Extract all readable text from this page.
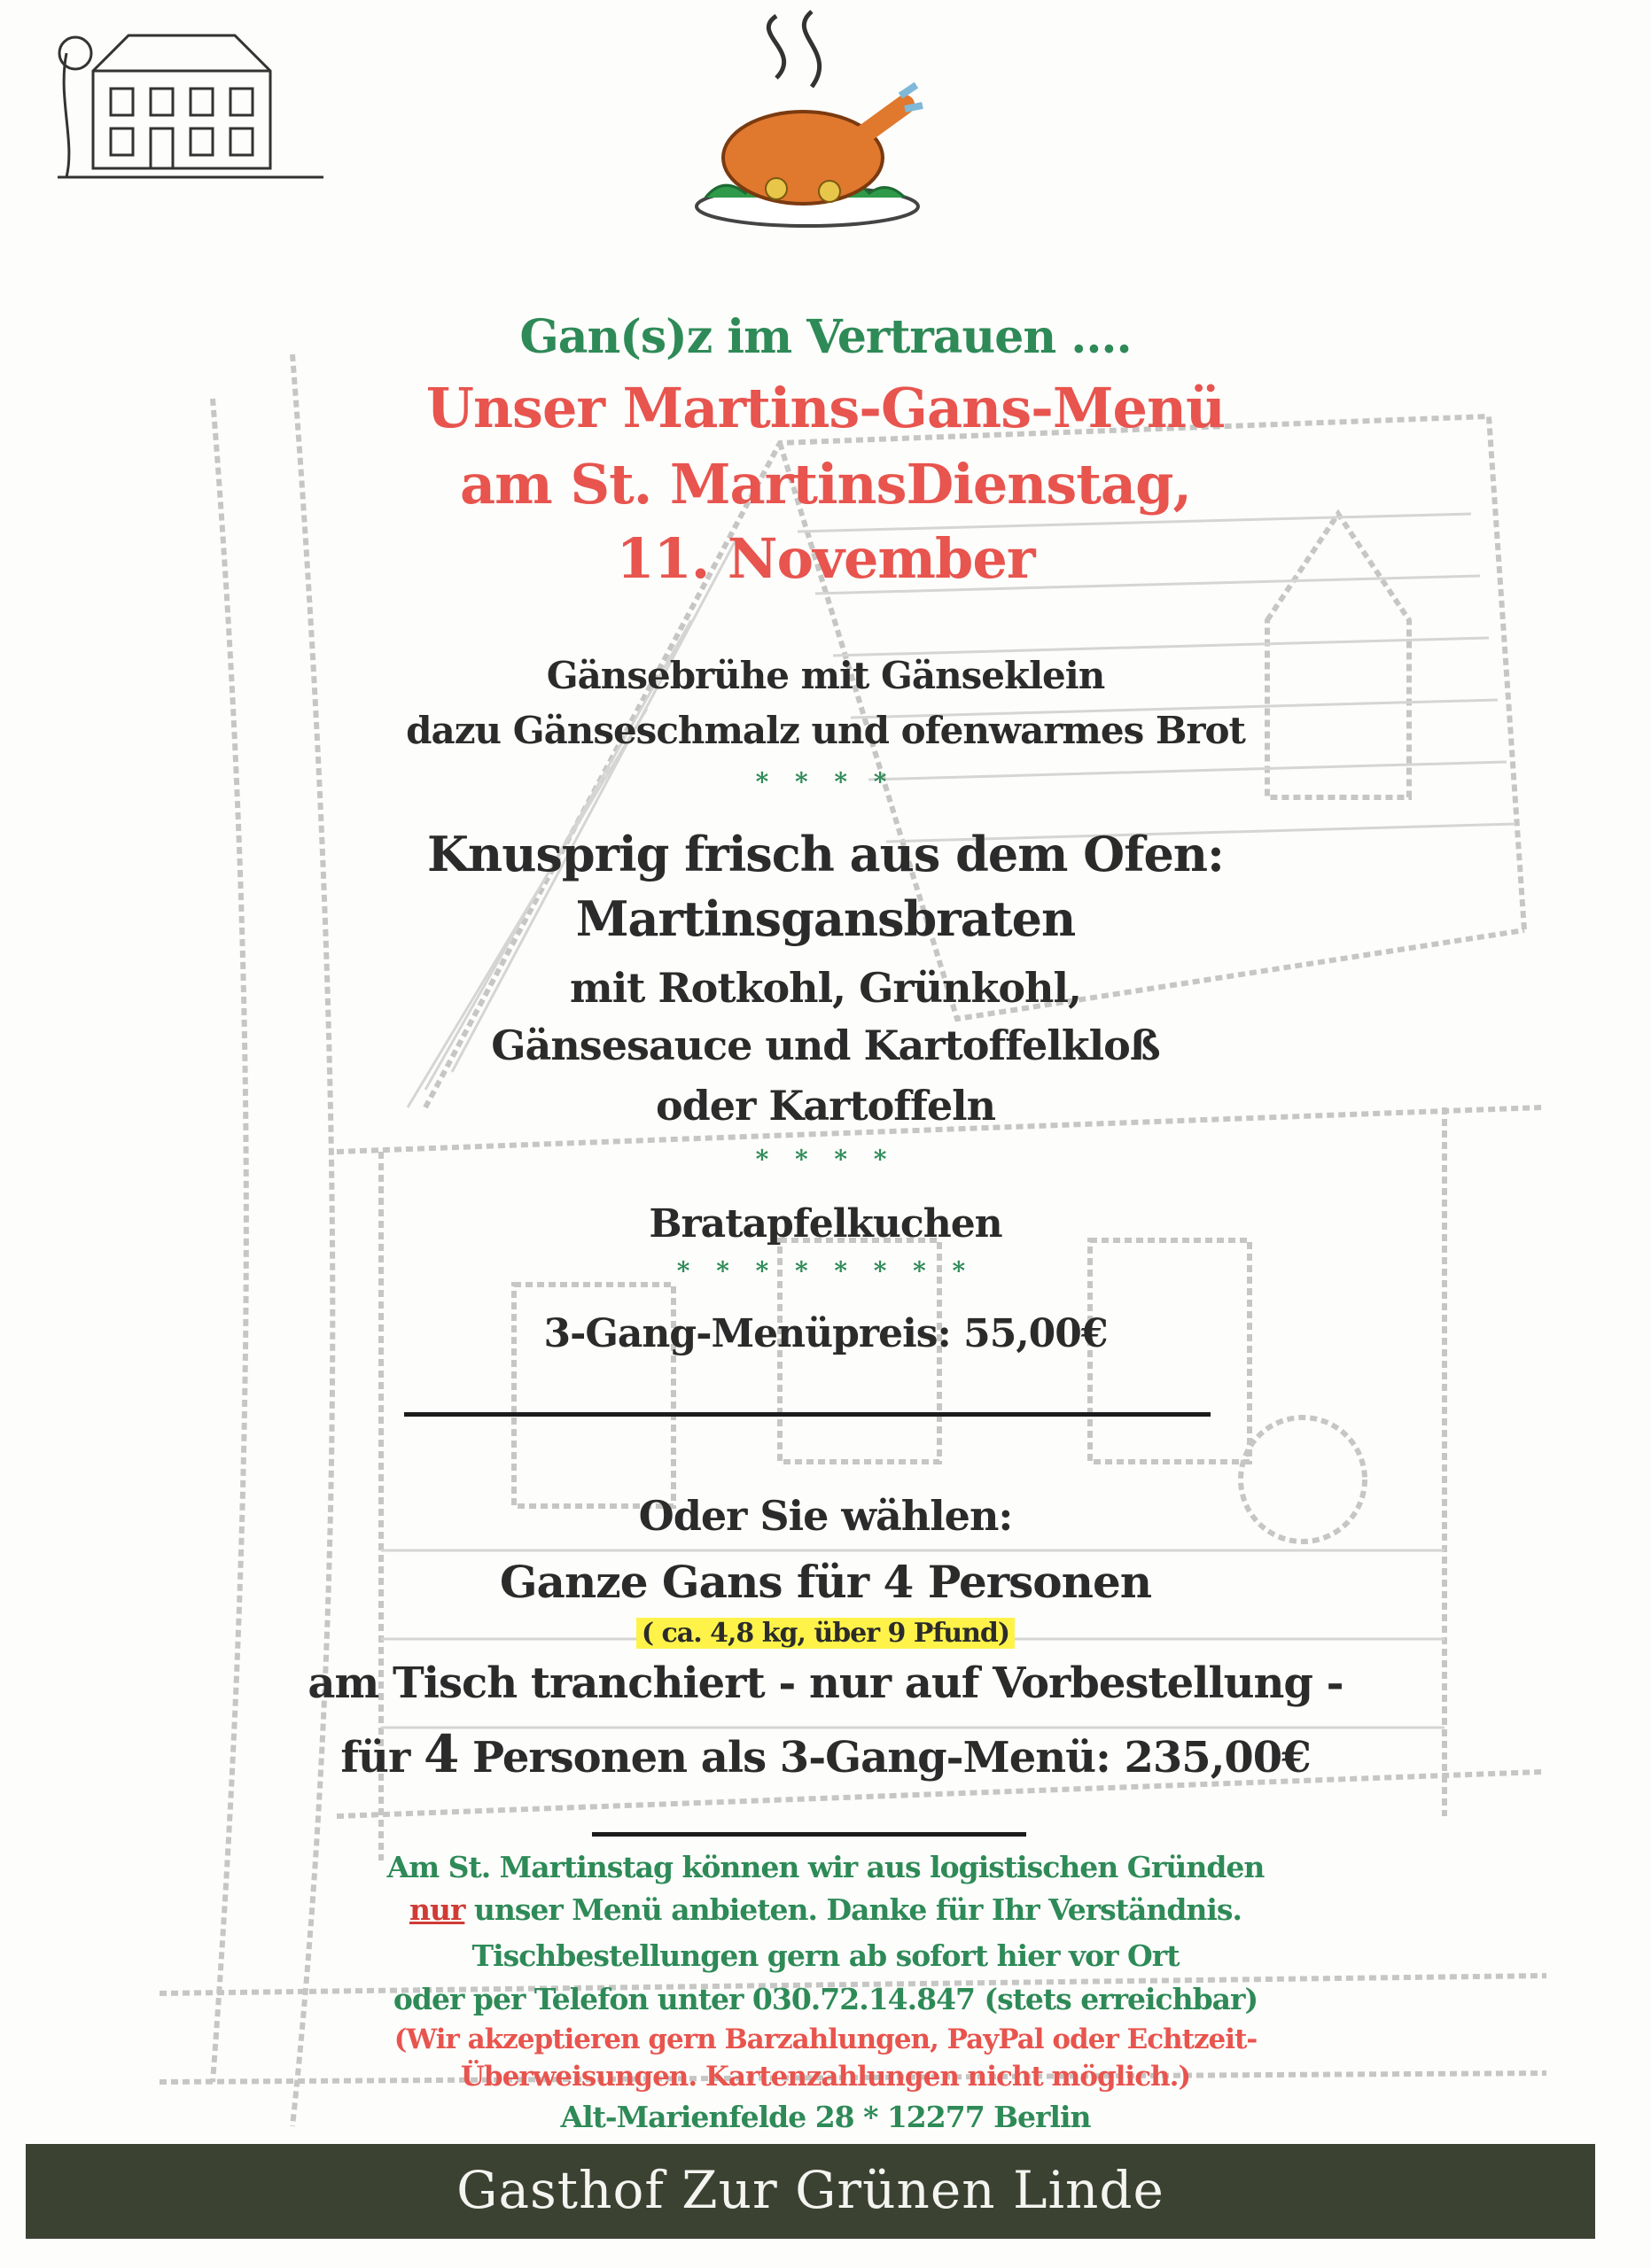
Gan(s)z im Vertrauen ....
Unser Martins-Gans-Menü
am St. MartinsDienstag,
11. November
Gänsebrühe mit Gänseklein
dazu Gänseschmalz und ofenwarmes Brot
* * * *
Knusprig frisch aus dem Ofen:
Martinsgansbraten
mit Rotkohl, Grünkohl,
Gänsesauce und Kartoffelkloß
oder Kartoffeln
* * * *
Bratapfelkuchen
* * * * * * * *
3-Gang-Menüpreis: 55,00€
Oder Sie wählen:
Ganze Gans für 4 Personen
( ca. 4,8 kg, über 9 Pfund)
am Tisch tranchiert - nur auf Vorbestellung -
für 4 Personen als 3-Gang-Menü: 235,00€
Am St. Martinstag können wir aus logistischen Gründen
nur unser Menü anbieten. Danke für Ihr Verständnis.
Tischbestellungen gern ab sofort hier vor Ort
oder per Telefon unter 030.72.14.847 (stets erreichbar)
(Wir akzeptieren gern Barzahlungen, PayPal oder Echtzeit-
Überweisungen. Kartenzahlungen nicht möglich.)
Alt-Marienfelde 28 * 12277 Berlin
Gasthof Zur Grünen Linde
